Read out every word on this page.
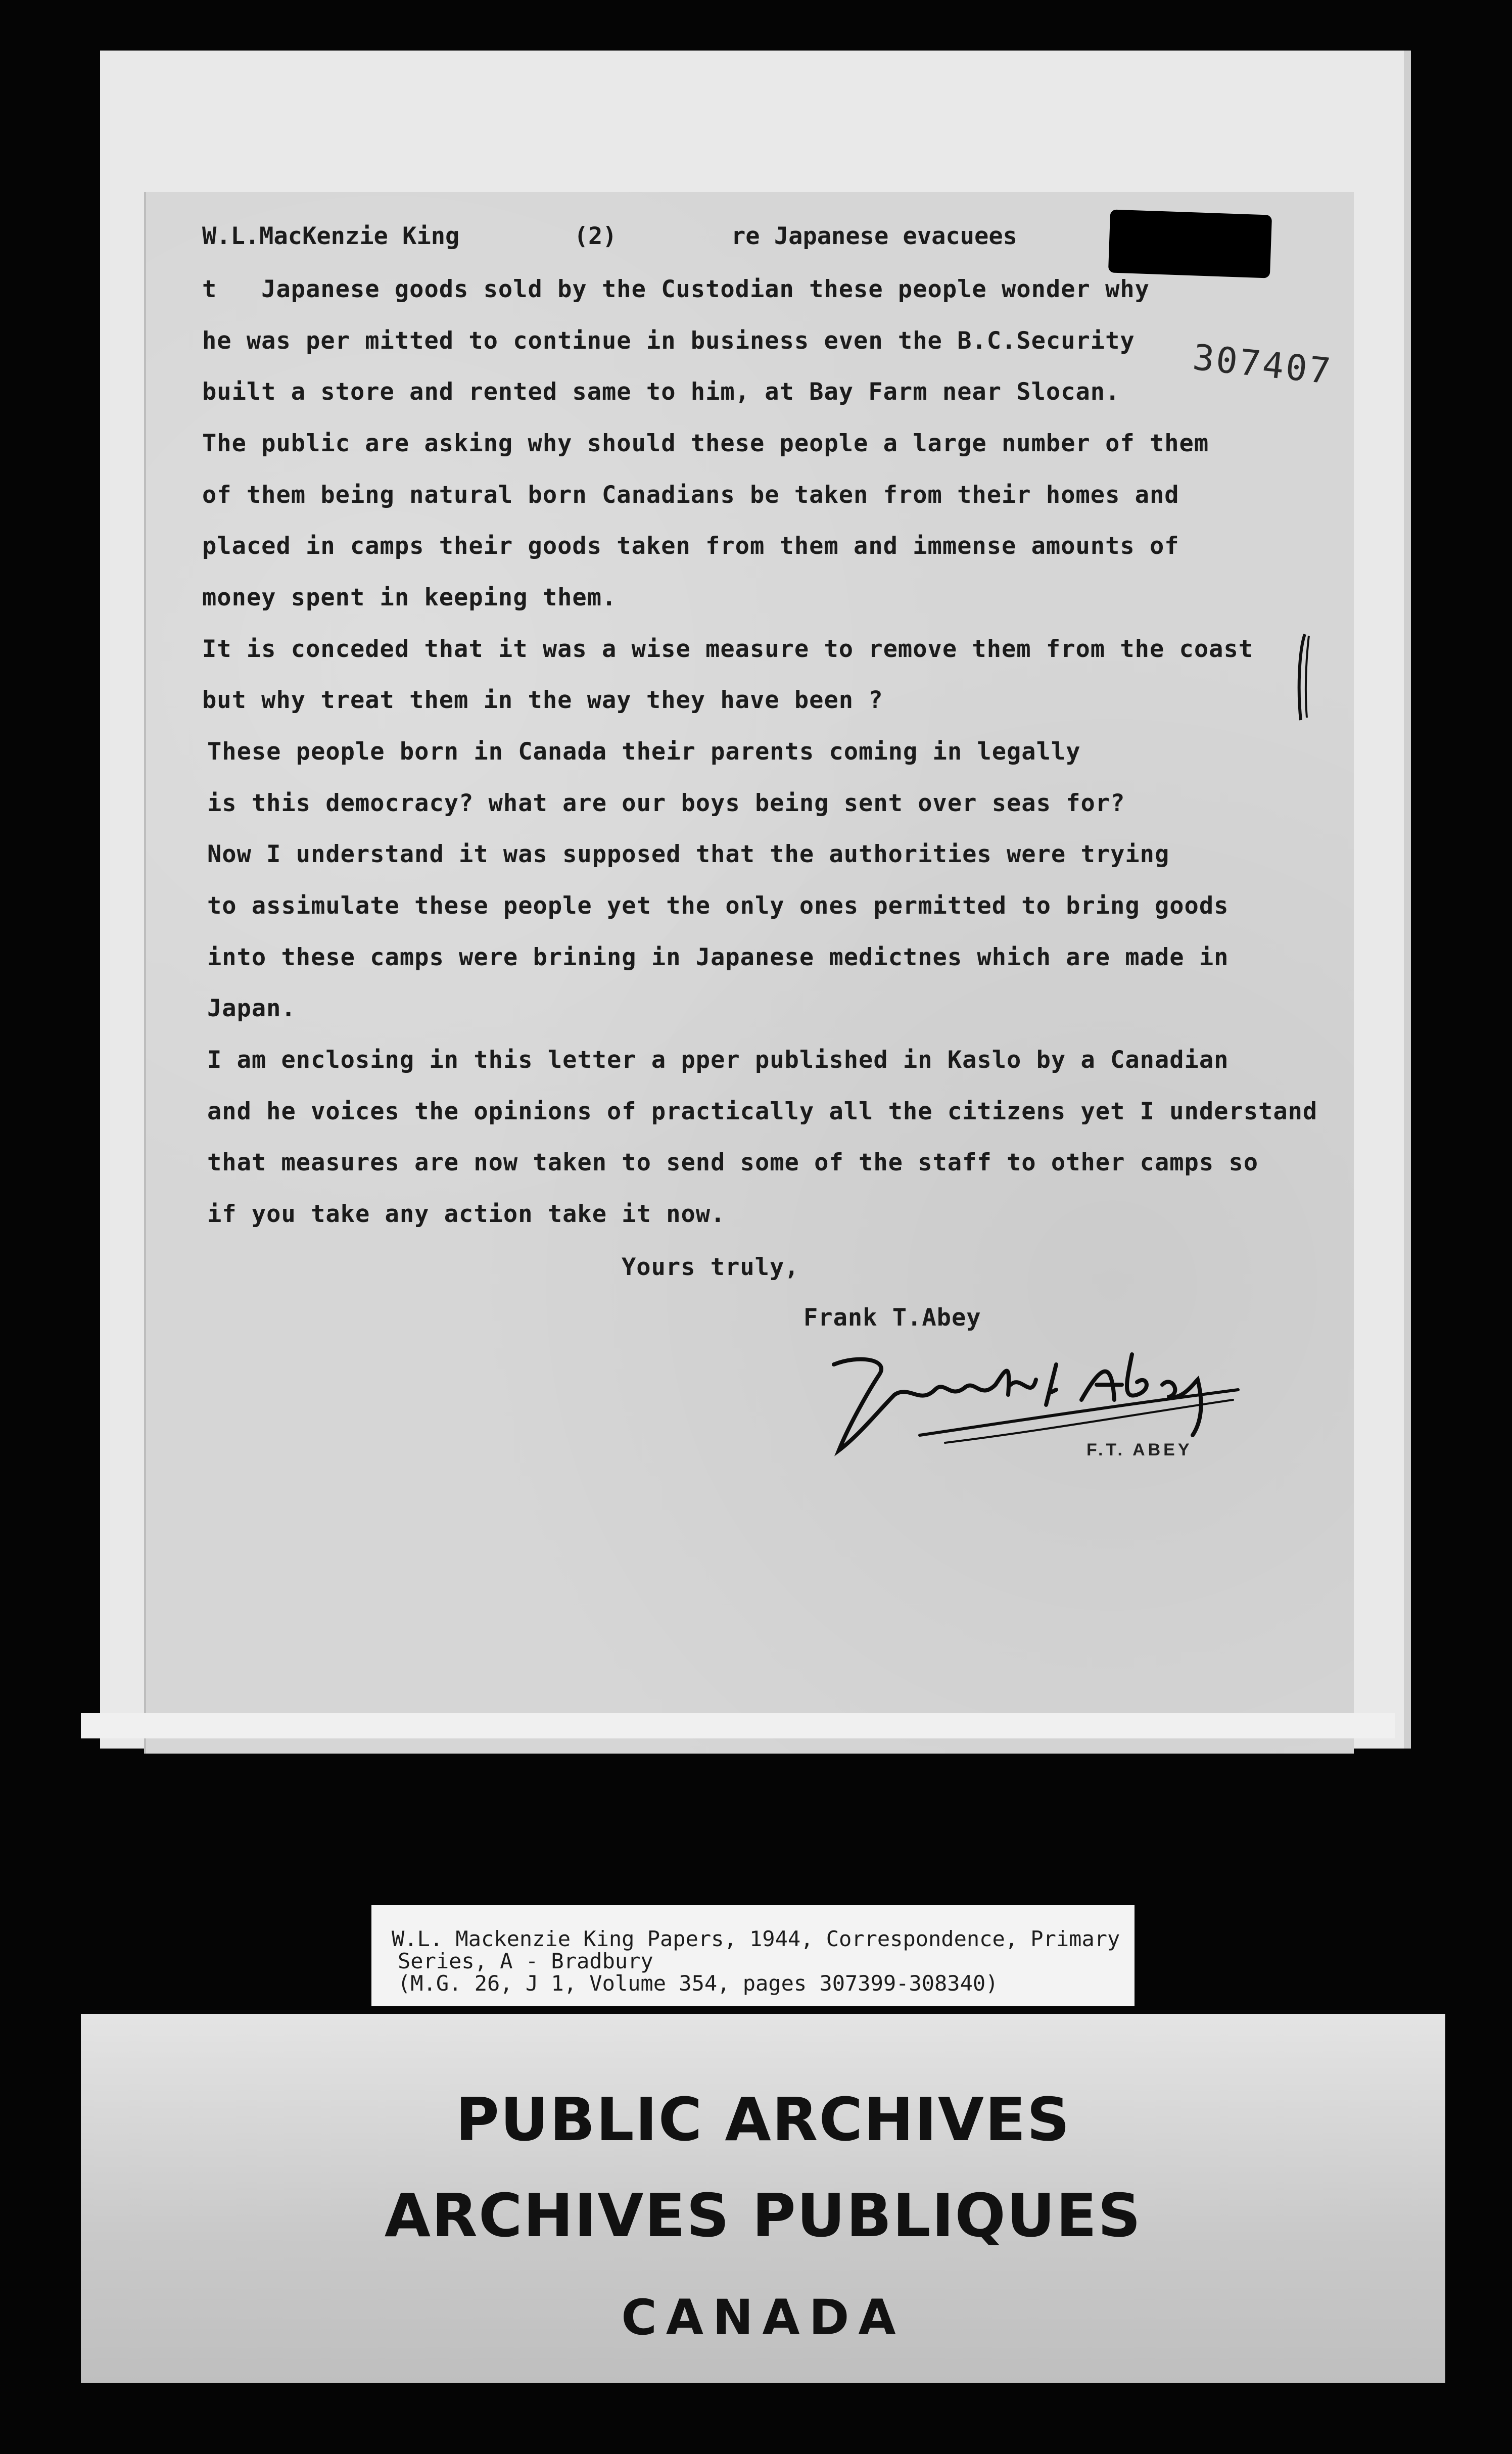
W.L.MacKenzie King	(2)	re Japanese evacuees
307407
t   Japanese goods sold by the Custodian these people wonder why
he was per mitted to continue in business even the B.C.Security
built a store and rented same to him, at Bay Farm near Slocan.
The public are asking why should these people a large number of them
of them being natural born Canadians be taken from their homes and
placed in camps their goods taken from them and immense amounts of
money spent in keeping them.
It is conceded that it was a wise measure to remove them from the coast
but why treat them in the way they have been ?
These people born in Canada their parents coming in legally
is this democracy? what are our boys being sent over seas for?
Now I understand it was supposed that the authorities were trying
to assimulate these people yet the only ones permitted to bring goods
into these camps were brining in Japanese medictnes which are made in
Japan.
I am enclosing in this letter a pper published in Kaslo by a Canadian
and he voices the opinions of practically all the citizens yet I understand
that measures are now taken to send some of the staff to other camps so
if you take any action take it now.
Yours truly,
Frank T.Abey
F.T. ABEY
W.L. Mackenzie King Papers, 1944, Correspondence, Primary
Series, A - Bradbury
(M.G. 26, J 1, Volume 354, pages 307399-308340)
PUBLIC ARCHIVES
ARCHIVES PUBLIQUES
CANADA
